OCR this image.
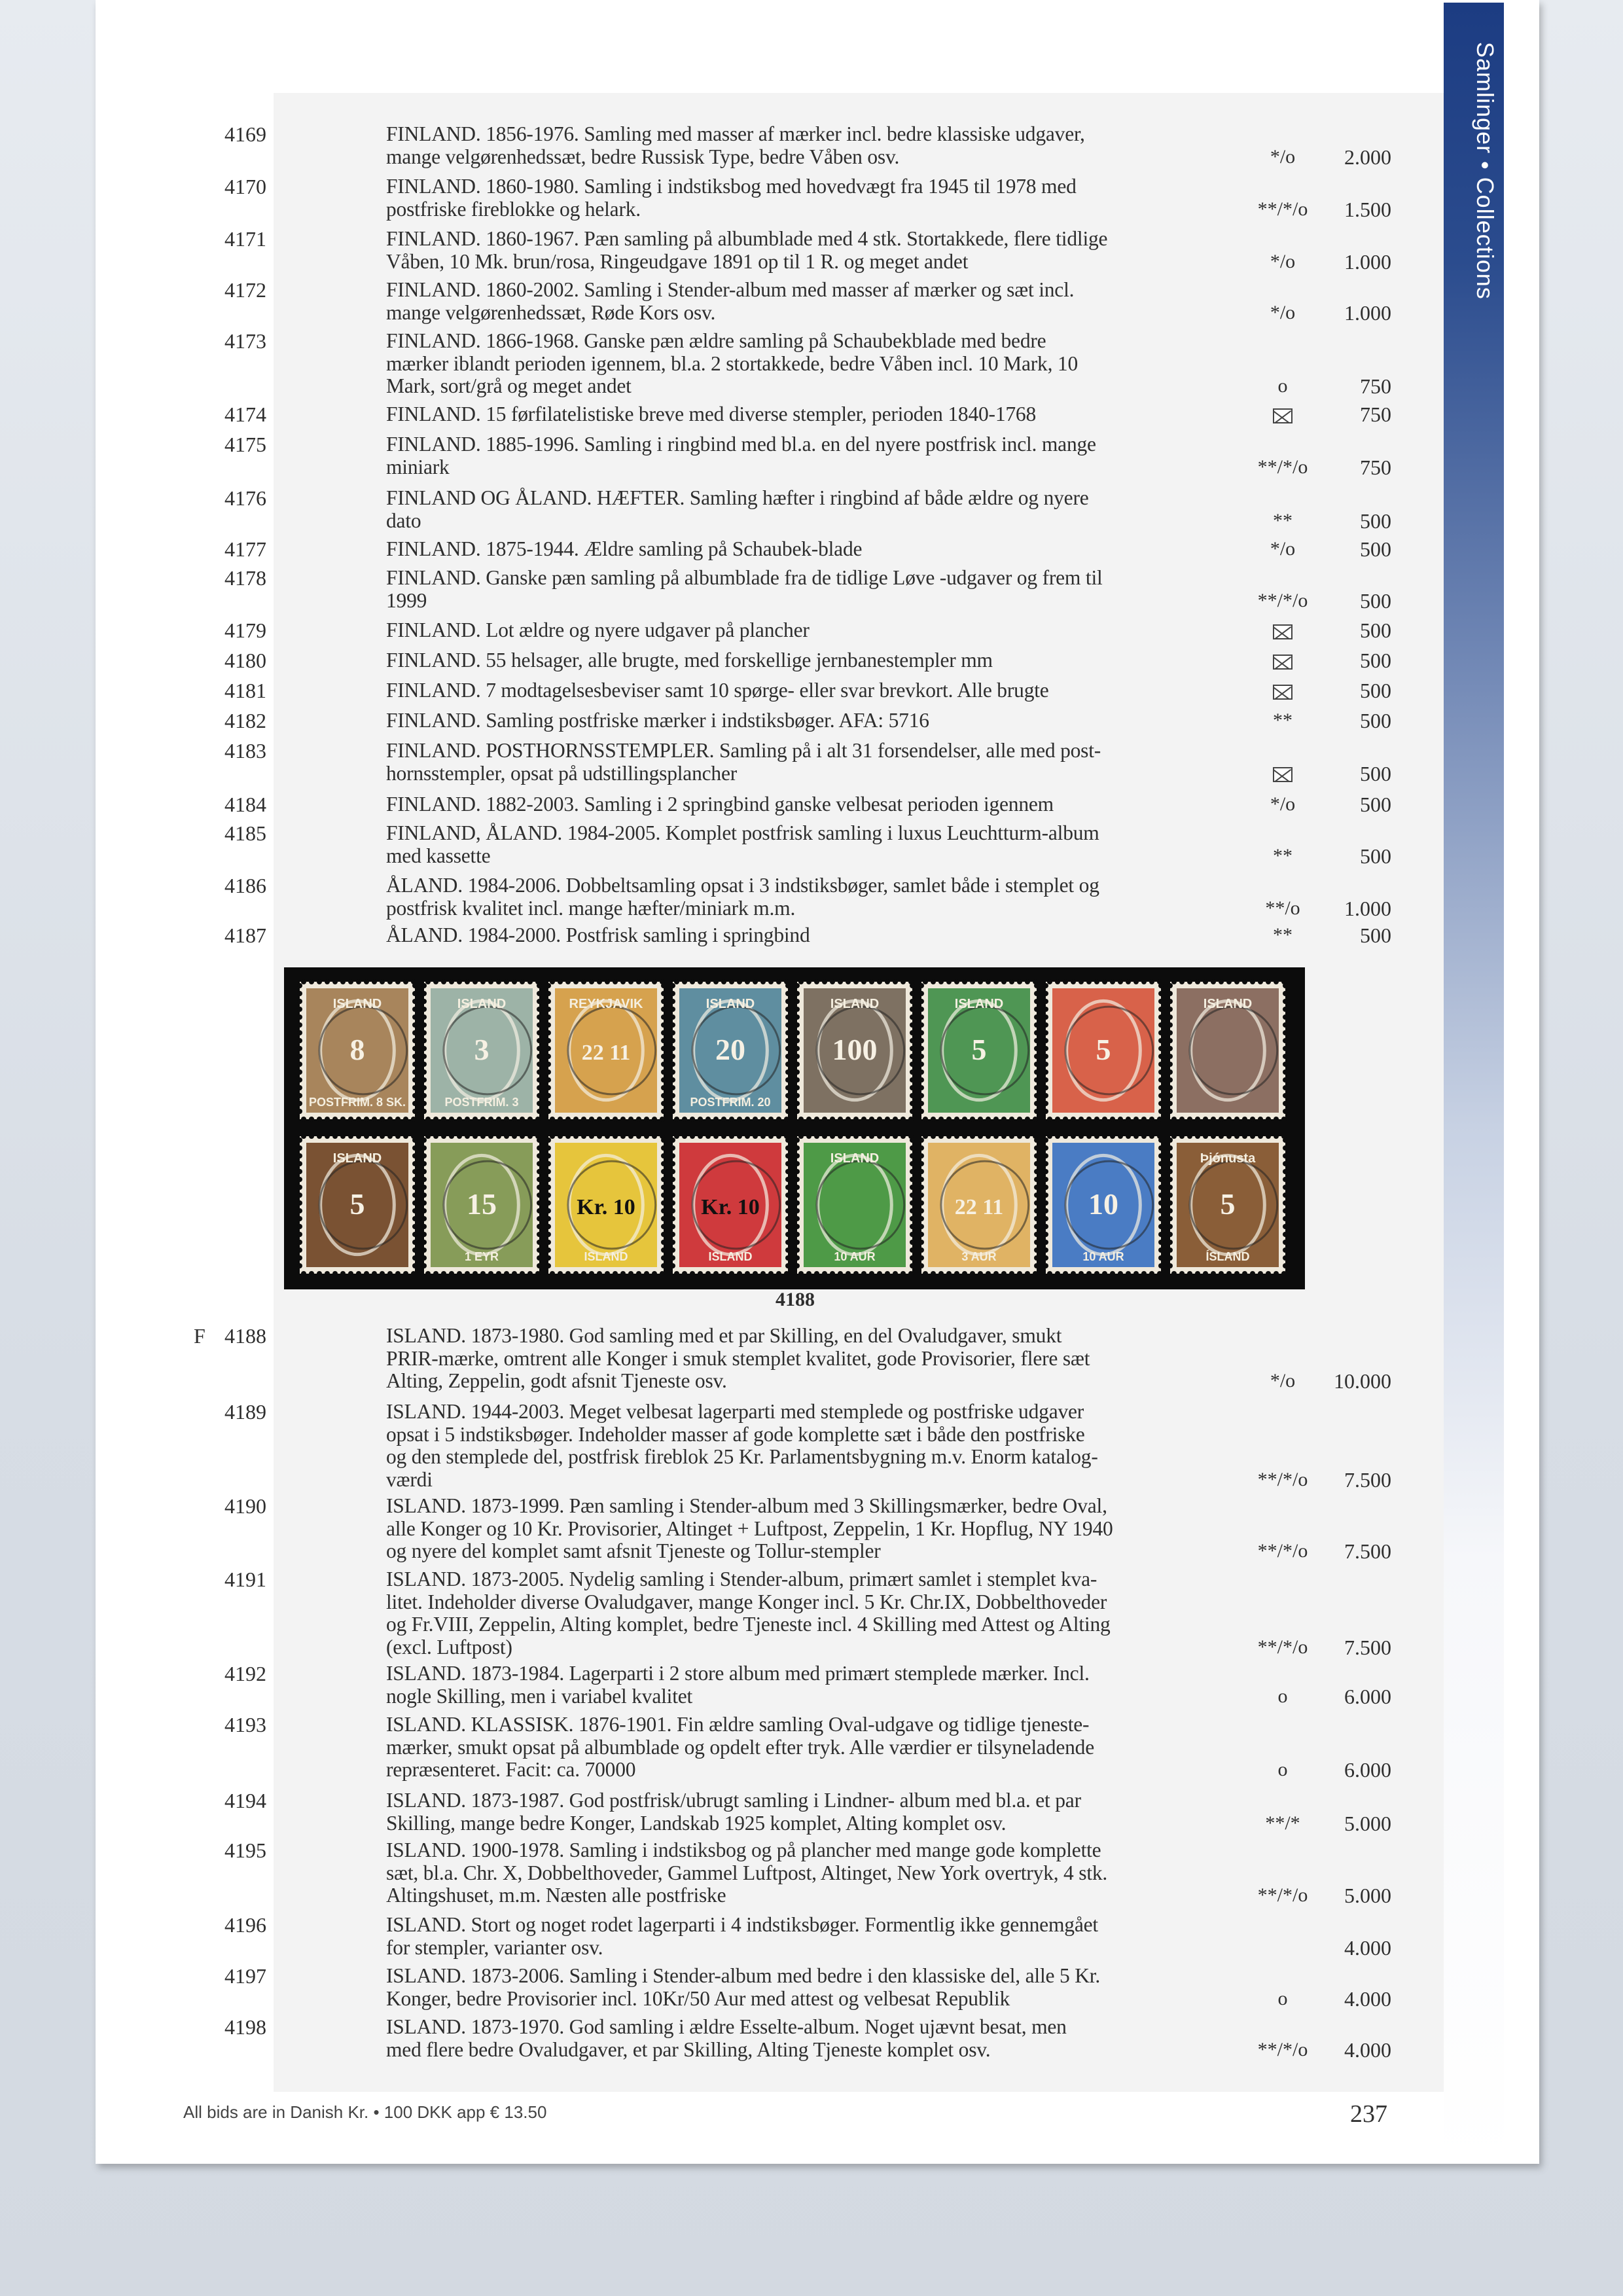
Samlinger • Collections
4169	FINLAND. 1856-1976. Samling med masser af mærker incl. bedre klassiske udgaver,
mange velgørenhedssæt, bedre Russisk Type, bedre Våben osv.	*/o	2.000
4170	FINLAND. 1860-1980. Samling i indstiksbog med hovedvægt fra 1945 til 1978 med
postfriske fireblokke og helark.	**/*/o	1.500
4171	FINLAND. 1860-1967. Pæn samling på albumblade med 4 stk. Stortakkede, flere tidlige
Våben, 10 Mk. brun/rosa, Ringeudgave 1891 op til 1 R. og meget andet	*/o	1.000
4172	FINLAND. 1860-2002. Samling i Stender-album med masser af mærker og sæt incl.
mange velgørenhedssæt, Røde Kors osv.	*/o	1.000
4173	FINLAND. 1866-1968. Ganske pæn ældre samling på Schaubekblade med bedre
mærker iblandt perioden igennem, bl.a. 2 stortakkede, bedre Våben incl. 10 Mark, 10
Mark, sort/grå og meget andet	o	750
4174	FINLAND. 15 førfilatelistiske breve med diverse stempler, perioden 1840-1768	750
4175	FINLAND. 1885-1996. Samling i ringbind med bl.a. en del nyere postfrisk incl. mange
miniark	**/*/o	750
4176	FINLAND OG ÅLAND. HÆFTER. Samling hæfter i ringbind af både ældre og nyere
dato	**	500
4177	FINLAND. 1875-1944. Ældre samling på Schaubek-blade	*/o	500
4178	FINLAND. Ganske pæn samling på albumblade fra de tidlige Løve -udgaver og frem til
1999	**/*/o	500
4179	FINLAND. Lot ældre og nyere udgaver på plancher	500
4180	FINLAND. 55 helsager, alle brugte, med forskellige jernbanestempler mm	500
4181	FINLAND. 7 modtagelsesbeviser samt 10 spørge- eller svar brevkort. Alle brugte	500
4182	FINLAND. Samling postfriske mærker i indstiksbøger. AFA: 5716	**	500
4183	FINLAND. POSTHORNSSTEMPLER. Samling på i alt 31 forsendelser, alle med post-
hornsstempler, opsat på udstillingsplancher	500
4184	FINLAND. 1882-2003. Samling i 2 springbind ganske velbesat perioden igennem	*/o	500
4185	FINLAND, ÅLAND. 1984-2005. Komplet postfrisk samling i luxus Leuchtturm-album
med kassette	**	500
4186	ÅLAND. 1984-2006. Dobbeltsamling opsat i 3 indstiksbøger, samlet både i stemplet og
postfrisk kvalitet incl. mange hæfter/miniark m.m.	**/o	1.000
4187	ÅLAND. 1984-2000. Postfrisk samling i springbind	**	500
ISLAND
8
POSTFRIM. 8 SK.
ISLAND
3
POSTFRIM. 3
REYKJAVIK
22 11
ISLAND
20
POSTFRIM. 20
ISLAND
100
ISLAND
5	5
ISLAND
ISLAND
5	15
1 EYR
Kr. 10
ISLAND
Kr. 10
ISLAND
ISLAND
10 AUR
22 11
3 AUR
10
10 AUR
Þjónusta
5
ÍSLAND
4188
F 4188	ISLAND. 1873-1980. God samling med et par Skilling, en del Ovaludgaver, smukt
PRIR-mærke, omtrent alle Konger i smuk stemplet kvalitet, gode Provisorier, flere sæt
Alting, Zeppelin, godt afsnit Tjeneste osv.	*/o	10.000
4189	ISLAND. 1944-2003. Meget velbesat lagerparti med stemplede og postfriske udgaver
opsat i 5 indstiksbøger. Indeholder masser af gode komplette sæt i både den postfriske
og den stemplede del, postfrisk fireblok 25 Kr. Parlamentsbygning m.v. Enorm katalog-
værdi	**/*/o	7.500
4190	ISLAND. 1873-1999. Pæn samling i Stender-album med 3 Skillingsmærker, bedre Oval,
alle Konger og 10 Kr. Provisorier, Altinget + Luftpost, Zeppelin, 1 Kr. Hopflug, NY 1940
og nyere del komplet samt afsnit Tjeneste og Tollur-stempler	**/*/o	7.500
4191	ISLAND. 1873-2005. Nydelig samling i Stender-album, primært samlet i stemplet kva-
litet. Indeholder diverse Ovaludgaver, mange Konger incl. 5 Kr. Chr.IX, Dobbelthoveder
og Fr.VIII, Zeppelin, Alting komplet, bedre Tjeneste incl. 4 Skilling med Attest og Alting
(excl. Luftpost)	**/*/o	7.500
4192	ISLAND. 1873-1984. Lagerparti i 2 store album med primært stemplede mærker. Incl.
nogle Skilling, men i variabel kvalitet	o	6.000
4193	ISLAND. KLASSISK. 1876-1901. Fin ældre samling Oval-udgave og tidlige tjeneste-
mærker, smukt opsat på albumblade og opdelt efter tryk. Alle værdier er tilsyneladende
repræsenteret. Facit: ca. 70000	o	6.000
4194	ISLAND. 1873-1987. God postfrisk/ubrugt samling i Lindner- album med bl.a. et par
Skilling, mange bedre Konger, Landskab 1925 komplet, Alting komplet osv.	**/*	5.000
4195	ISLAND. 1900-1978. Samling i indstiksbog og på plancher med mange gode komplette
sæt, bl.a. Chr. X, Dobbelthoveder, Gammel Luftpost, Altinget, New York overtryk, 4 stk.
Altingshuset, m.m. Næsten alle postfriske	**/*/o	5.000
4196	ISLAND. Stort og noget rodet lagerparti i 4 indstiksbøger. Formentlig ikke gennemgået
for stempler, varianter osv.	4.000
4197	ISLAND. 1873-2006. Samling i Stender-album med bedre i den klassiske del, alle 5 Kr.
Konger, bedre Provisorier incl. 10Kr/50 Aur med attest og velbesat Republik	o	4.000
4198	ISLAND. 1873-1970. God samling i ældre Esselte-album. Noget ujævnt besat, men
med flere bedre Ovaludgaver, et par Skilling, Alting Tjeneste komplet osv.	**/*/o	4.000
All bids are in Danish Kr. • 100 DKK app € 13.50	237
